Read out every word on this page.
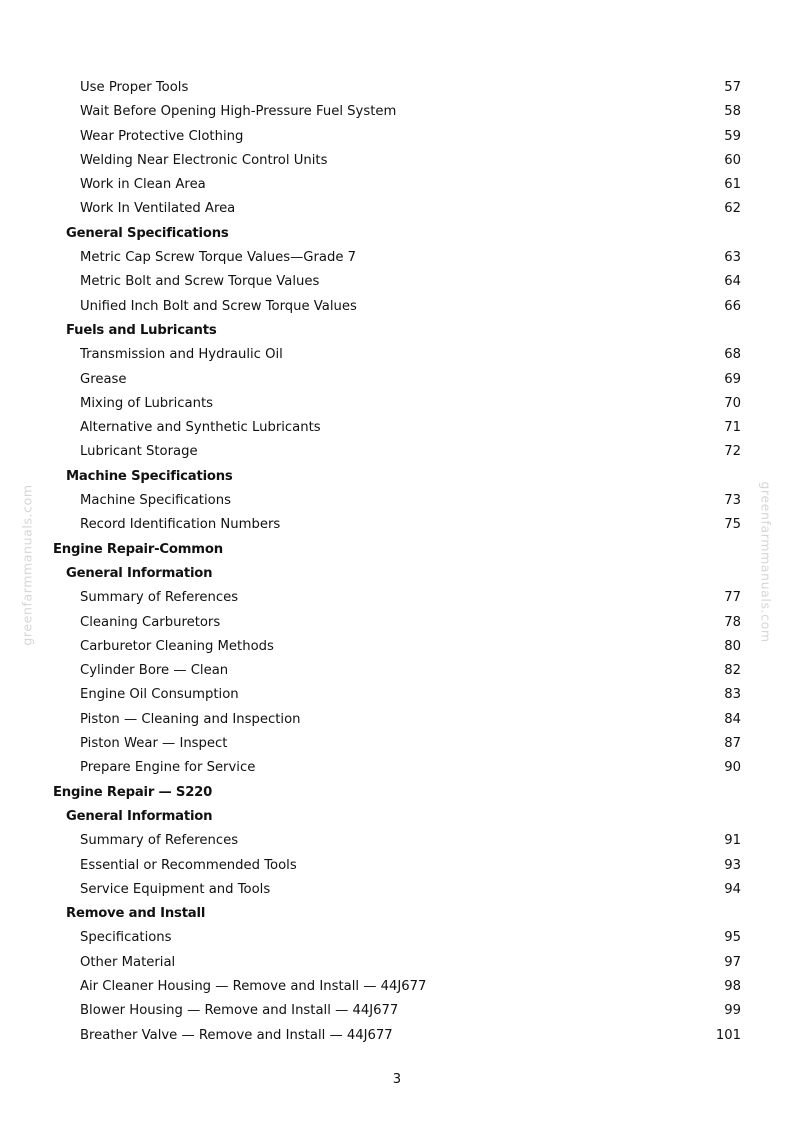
greenfarmmanuals.com	greenfarmmanuals.com
Use Proper Tools	57
Wait Before Opening High-Pressure Fuel System	58
Wear Protective Clothing	59
Welding Near Electronic Control Units	60
Work in Clean Area	61
Work In Ventilated Area	62
General Specifications
Metric Cap Screw Torque Values—Grade 7	63
Metric Bolt and Screw Torque Values	64
Unified Inch Bolt and Screw Torque Values	66
Fuels and Lubricants
Transmission and Hydraulic Oil	68
Grease	69
Mixing of Lubricants	70
Alternative and Synthetic Lubricants	71
Lubricant Storage	72
Machine Specifications
Machine Specifications	73
Record Identification Numbers	75
Engine Repair-Common
General Information
Summary of References	77
Cleaning Carburetors	78
Carburetor Cleaning Methods	80
Cylinder Bore — Clean	82
Engine Oil Consumption	83
Piston — Cleaning and Inspection	84
Piston Wear — Inspect	87
Prepare Engine for Service	90
Engine Repair — S220
General Information
Summary of References	91
Essential or Recommended Tools	93
Service Equipment and Tools	94
Remove and Install
Specifications	95
Other Material	97
Air Cleaner Housing — Remove and Install — 44J677	98
Blower Housing — Remove and Install — 44J677	99
Breather Valve — Remove and Install — 44J677	101
3
